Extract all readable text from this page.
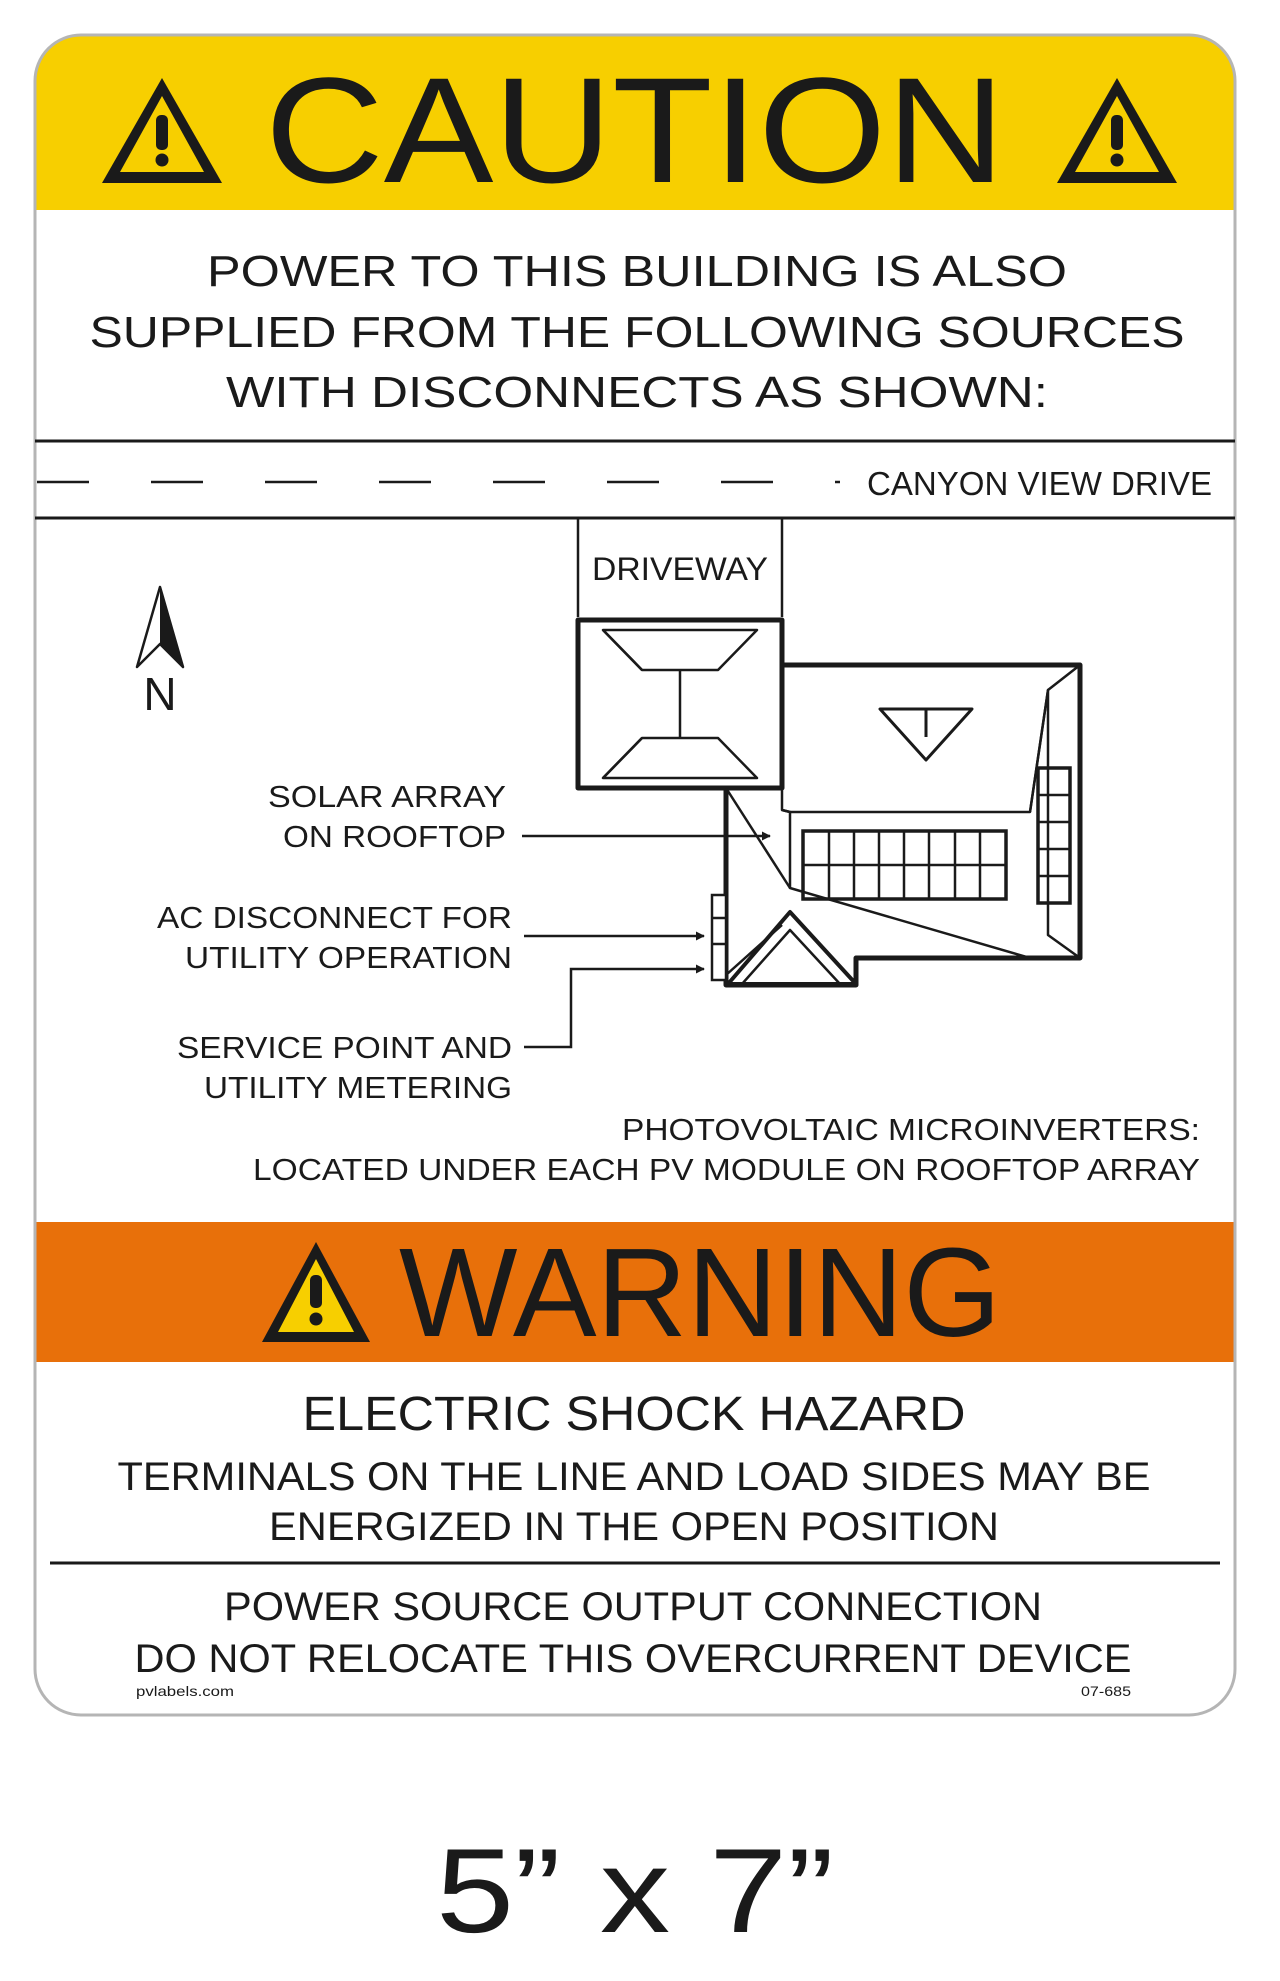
CAUTION
POWER TO THIS BUILDING IS ALSO
SUPPLIED FROM THE FOLLOWING SOURCES
WITH DISCONNECTS AS SHOWN:
CANYON VIEW DRIVE
DRIVEWAY
N
SOLAR ARRAY
ON ROOFTOP
AC DISCONNECT FOR
UTILITY OPERATION
SERVICE POINT AND
UTILITY METERING
PHOTOVOLTAIC MICROINVERTERS:
LOCATED UNDER EACH PV MODULE ON ROOFTOP ARRAY
WARNING
ELECTRIC SHOCK HAZARD
TERMINALS ON THE LINE AND LOAD SIDES MAY BE
ENERGIZED IN THE OPEN POSITION
POWER SOURCE OUTPUT CONNECTION
DO NOT RELOCATE THIS OVERCURRENT DEVICE
pvlabels.com	07-685
5” x 7”
